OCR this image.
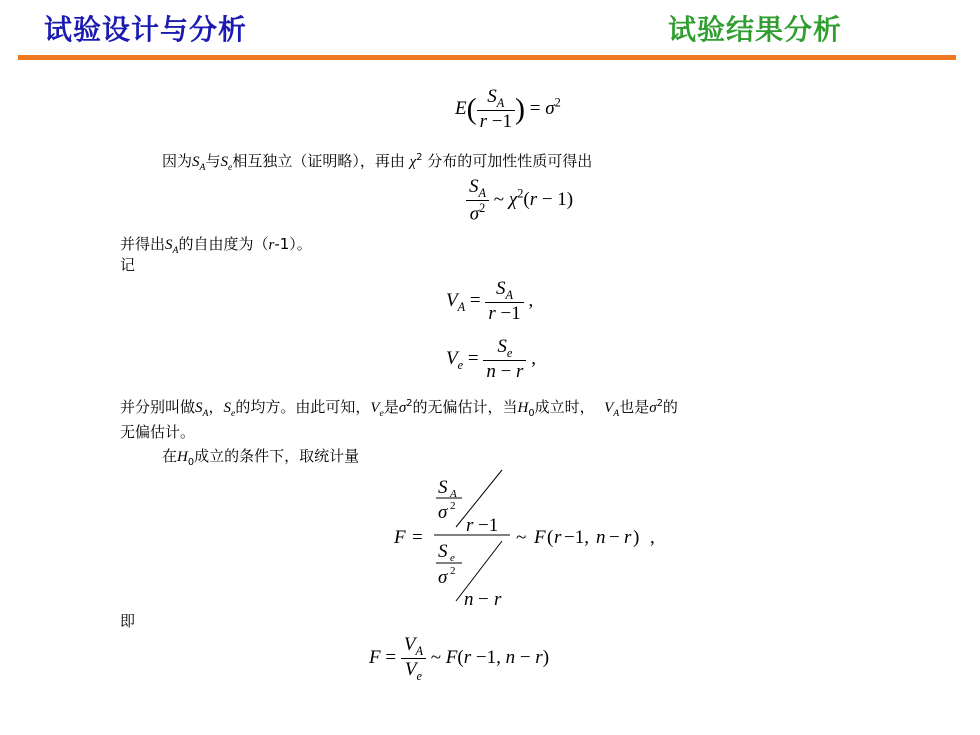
试验设计与分析	试验结果分析
$E( \frac{S_A}{r -1}$ ) = $\sigma^2$
因为$S_A$与$S_e$相互独立（证明略），再由 $\chi^2$ 分布的可加性性质可得出
$\frac{S_A}{\sigma^2}$ ~ $\chi^2(r - 1)$
并得出$S_A$的自由度为（r-1）。
记
$V_A = \frac{S_A}{r -1}$ ,
$V_e = \frac{S_e}{n - r}$ ,
并分别叫做$S_A$，$S_e$的均方。由此可知，$V_e$是$\sigma^2$的无偏估计，当$H_0$成立时， $V_A$也是$\sigma^2$的
无偏估计。
在$H_0$成立的条件下，取统计量
F =
S A
σ 2
r −1
S e
σ 2
n − r
~ F ( r −1, n − r ) ,
即
$F = \frac{V_A}{V_e}$ ~ F(r −1, n − r)
